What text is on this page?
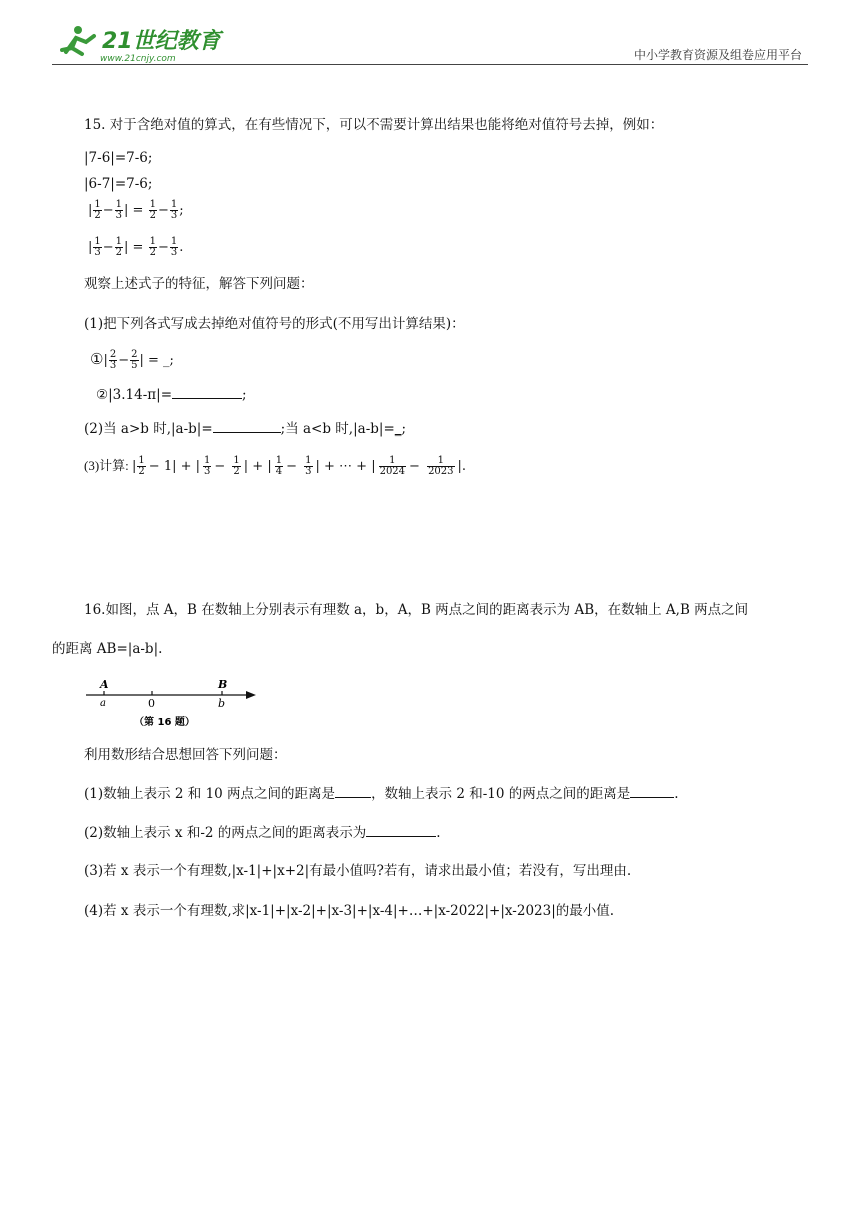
21世纪教育
www.21cnjy.com	中小学教育资源及组卷应用平台
15. 对于含绝对值的算式，在有些情况下，可以不需要计算出结果也能将绝对值符号去掉，例如：
|7-6|=7-6;
|6-7|=7-6;
| $\frac{1}{2} - \frac{1}{3}$ | = $\frac{1}{2} - \frac{1}{3}$ ;
| $\frac{1}{3} - \frac{1}{2}$ | = $\frac{1}{2} - \frac{1}{3}$ .
观察上述式子的特征，解答下列问题：
(1)把下列各式写成去掉绝对值符号的形式(不用写出计算结果)：
①| $\frac{2}{3} - \frac{2}{5}$ | = _;
②|3.14-π|=	;
(2)当 a>b 时,|a-b|=	;当 a<b 时,|a-b|=_;
(3)计算: | $\frac{1}{2} - 1|$ + | $\frac{1}{3} - \frac{1}{2}$ | + | $\frac{1}{4} - \frac{1}{3}$ | + ⋯ + | $\frac{1}{2024} - \frac{1}{2023}$ |.
16.如图，点 A，B 在数轴上分别表示有理数 a，b，A，B 两点之间的距离表示为 AB，在数轴上 A,B 两点之间
的距离 AB=|a-b|.
A
a	0
B
b
（第 16 题）
利用数形结合思想回答下列问题：
(1)数轴上表示 2 和 10 两点之间的距离是	，数轴上表示 2 和-10 的两点之间的距离是	.
(2)数轴上表示 x 和-2 的两点之间的距离表示为	.
(3)若 x 表示一个有理数,|x-1|+|x+2|有最小值吗?若有，请求出最小值；若没有，写出理由.
(4)若 x 表示一个有理数,求|x-1|+|x-2|+|x-3|+|x-4|+…+|x-2022|+|x-2023|的最小值.
